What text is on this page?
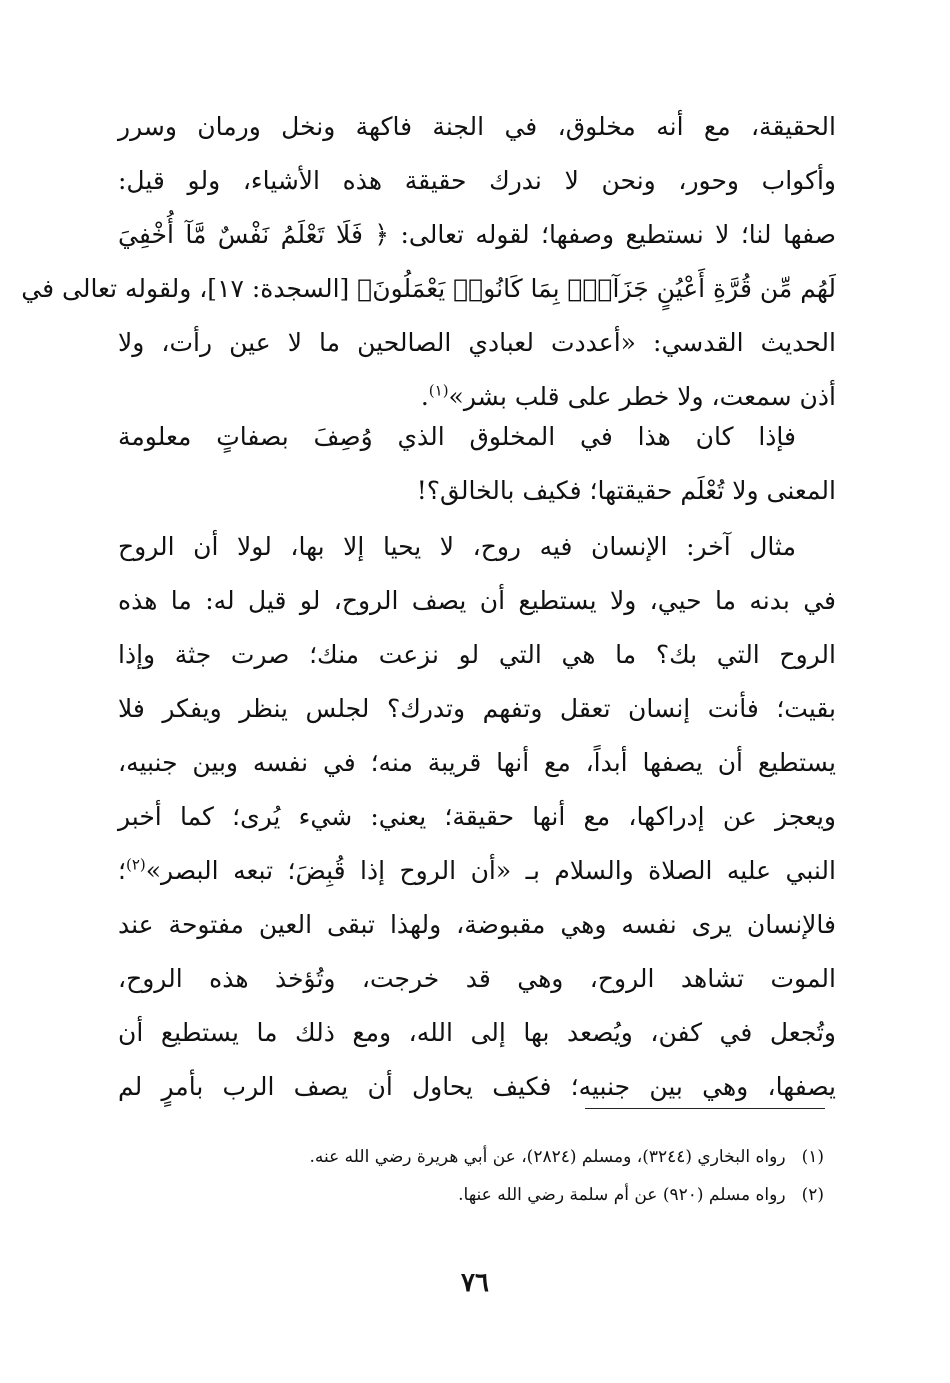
الحقيقة، مع أنه مخلوق، في الجنة فاكهة ونخل ورمان وسرر
وأكواب وحور، ونحن لا ندرك حقيقة هذه الأشياء، ولو قيل:
صفها لنا؛ لا نستطيع وصفها؛ لقوله تعالى: ﴿ فَلَا تَعْلَمُ نَفْسٌ مَّآ أُخْفِيَ
لَهُم مِّن قُرَّةِ أَعْيُنٍ جَزَآءًۢ بِمَا كَانُوا۟ يَعْمَلُونَ﴾ [السجدة: ١٧]، ولقوله تعالى في
الحديث القدسي: «أعددت لعبادي الصالحين ما لا عين رأت، ولا
أذن سمعت، ولا خطر على قلب بشر»$^{(١)}$.
فإذا كان هذا في المخلوق الذي وُصِفَ بصفاتٍ معلومة
المعنى ولا تُعْلَم حقيقتها؛ فكيف بالخالق؟!
مثال آخر: الإنسان فيه روح، لا يحيا إلا بها، لولا أن الروح
في بدنه ما حيي، ولا يستطيع أن يصف الروح، لو قيل له: ما هذه
الروح التي بك؟ ما هي التي لو نزعت منك؛ صرت جثة وإذا
بقيت؛ فأنت إنسان تعقل وتفهم وتدرك؟ لجلس ينظر ويفكر فلا
يستطيع أن يصفها أبداً، مع أنها قريبة منه؛ في نفسه وبين جنبيه،
ويعجز عن إدراكها، مع أنها حقيقة؛ يعني: شيء يُرى؛ كما أخبر
النبي عليه الصلاة والسلام بـ «أن الروح إذا قُبِضَ؛ تبعه البصر»$^{(٢)}$؛
فالإنسان يرى نفسه وهي مقبوضة، ولهذا تبقى العين مفتوحة عند
الموت تشاهد الروح، وهي قد خرجت، وتُؤخذ هذه الروح،
وتُجعل في كفن، ويُصعد بها إلى الله، ومع ذلك ما يستطيع أن
يصفها، وهي بين جنبيه؛ فكيف يحاول أن يصف الرب بأمرٍ لم
(١)رواه البخاري (٣٢٤٤)، ومسلم (٢٨٢٤)، عن أبي هريرة رضي الله عنه.
(٢)رواه مسلم (٩٢٠) عن أم سلمة رضي الله عنها.
٧٦
